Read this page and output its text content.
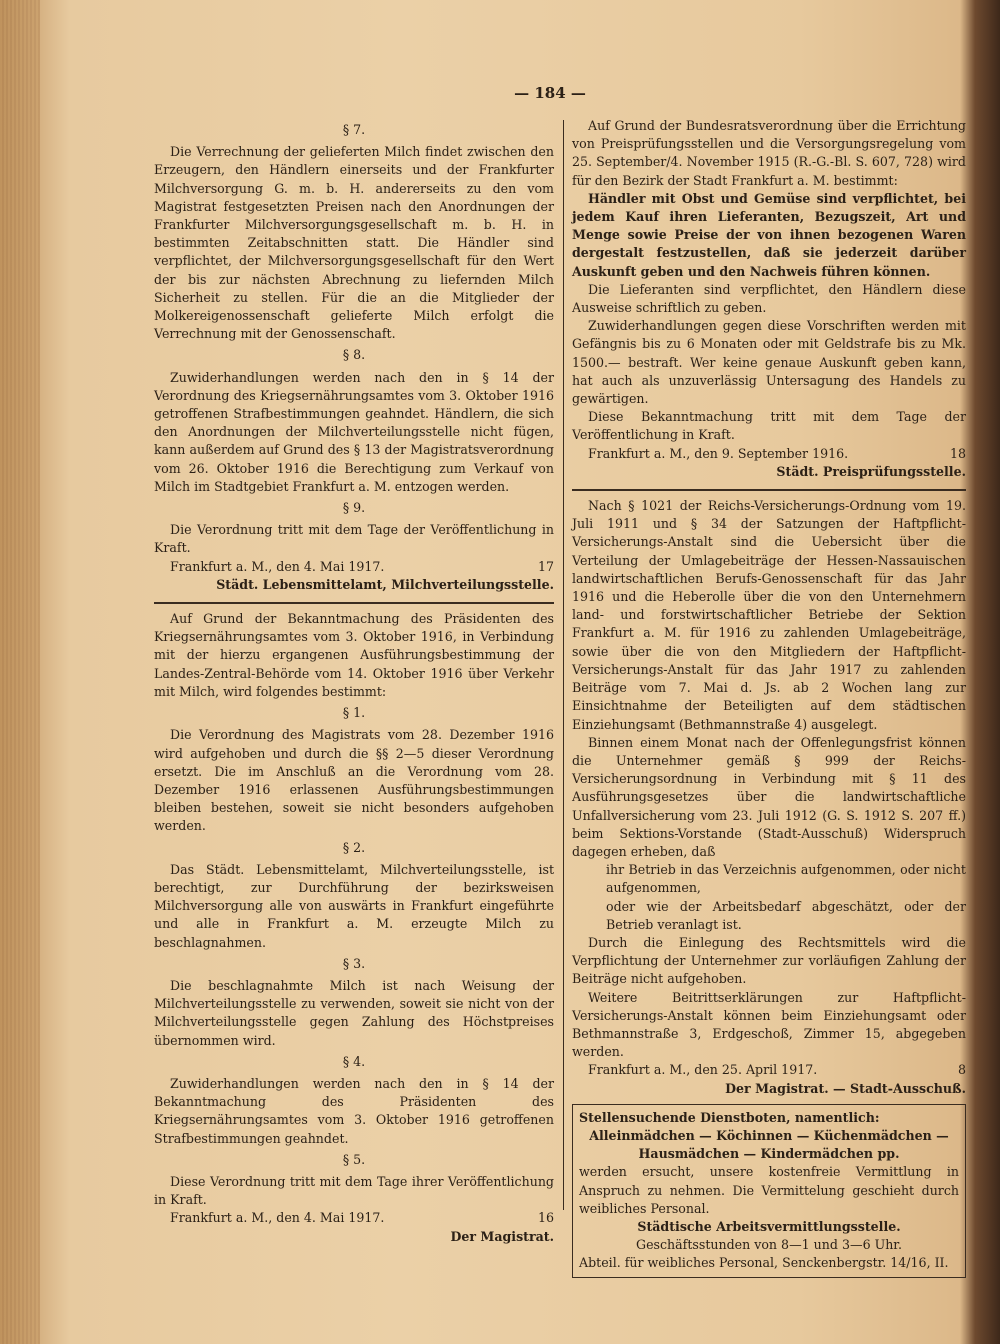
— 184 —

§ 7.

Die Verrechnung der gelieferten Milch findet zwischen den Erzeugern, den Händlern einerseits und der Frankfurter Milchversorgung G. m. b. H. andererseits zu den vom Magistrat festgesetzten Preisen nach den Anordnungen der Frankfurter Milchversorgungsgesellschaft m. b. H. in bestimmten Zeitabschnitten statt. Die Händler sind verpflichtet, der Milchversorgungsgesellschaft für den Wert der bis zur nächsten Abrechnung zu liefernden Milch Sicherheit zu stellen. Für die an die Mitglieder der Molkereigenossenschaft gelieferte Milch erfolgt die Verrechnung mit der Genossenschaft.

§ 8.

Zuwiderhandlungen werden nach den in § 14 der Verordnung des Kriegsernährungsamtes vom 3. Oktober 1916 getroffenen Strafbestimmungen geahndet. Händlern, die sich den Anordnungen der Milchverteilungsstelle nicht fügen, kann außerdem auf Grund des § 13 der Magistratsverordnung vom 26. Oktober 1916 die Berechtigung zum Verkauf von Milch im Stadtgebiet Frankfurt a. M. entzogen werden.

§ 9.

Die Verordnung tritt mit dem Tage der Veröffentlichung in Kraft.

Frankfurt a. M., den 4. Mai 1917.	17

Städt. Lebensmittelamt, Milchverteilungsstelle.

Auf Grund der Bekanntmachung des Präsidenten des Kriegsernährungsamtes vom 3. Oktober 1916, in Verbindung mit der hierzu ergangenen Ausführungsbestimmung der Landes-Zentral-Behörde vom 14. Oktober 1916 über Verkehr mit Milch, wird folgendes bestimmt:

§ 1.

Die Verordnung des Magistrats vom 28. Dezember 1916 wird aufgehoben und durch die §§ 2—5 dieser Verordnung ersetzt. Die im Anschluß an die Verordnung vom 28. Dezember 1916 erlassenen Ausführungsbestimmungen bleiben bestehen, soweit sie nicht besonders aufgehoben werden.

§ 2.

Das Städt. Lebensmittelamt, Milchverteilungsstelle, ist berechtigt, zur Durchführung der bezirksweisen Milchversorgung alle von auswärts in Frankfurt eingeführte und alle in Frankfurt a. M. erzeugte Milch zu beschlagnahmen.

§ 3.

Die beschlagnahmte Milch ist nach Weisung der Milchverteilungsstelle zu verwenden, soweit sie nicht von der Milchverteilungsstelle gegen Zahlung des Höchstpreises übernommen wird.

§ 4.

Zuwiderhandlungen werden nach den in § 14 der Bekanntmachung des Präsidenten des Kriegsernährungsamtes vom 3. Oktober 1916 getroffenen Strafbestimmungen geahndet.

§ 5.

Diese Verordnung tritt mit dem Tage ihrer Veröffentlichung in Kraft.

Frankfurt a. M., den 4. Mai 1917.	16

Der Magistrat.

Auf Grund der Bundesratsverordnung über die Errichtung von Preisprüfungsstellen und die Versorgungsregelung vom 25. September/4. November 1915 (R.-G.-Bl. S. 607, 728) wird für den Bezirk der Stadt Frankfurt a. M. bestimmt:

Händler mit Obst und Gemüse sind verpflichtet, bei jedem Kauf ihren Lieferanten, Bezugszeit, Art und Menge sowie Preise der von ihnen bezogenen Waren dergestalt festzustellen, daß sie jederzeit darüber Auskunft geben und den Nachweis führen können.

Die Lieferanten sind verpflichtet, den Händlern diese Ausweise schriftlich zu geben.

Zuwiderhandlungen gegen diese Vorschriften werden mit Gefängnis bis zu 6 Monaten oder mit Geldstrafe bis zu Mk. 1500.— bestraft. Wer keine genaue Auskunft geben kann, hat auch als unzuverlässig Untersagung des Handels zu gewärtigen.

Diese Bekanntmachung tritt mit dem Tage der Veröffentlichung in Kraft.

Frankfurt a. M., den 9. September 1916.	18

Städt. Preisprüfungsstelle.

Nach § 1021 der Reichs-Versicherungs-Ordnung vom 19. Juli 1911 und § 34 der Satzungen der Haftpflicht-Versicherungs-Anstalt sind die Uebersicht über die Verteilung der Umlagebeiträge der Hessen-Nassauischen landwirtschaftlichen Berufs-Genossenschaft für das Jahr 1916 und die Heberolle über die von den Unternehmern land- und forstwirtschaftlicher Betriebe der Sektion Frankfurt a. M. für 1916 zu zahlenden Umlagebeiträge, sowie über die von den Mitgliedern der Haftpflicht-Versicherungs-Anstalt für das Jahr 1917 zu zahlenden Beiträge vom 7. Mai d. Js. ab 2 Wochen lang zur Einsichtnahme der Beteiligten auf dem städtischen Einziehungsamt (Bethmannstraße 4) ausgelegt.

Binnen einem Monat nach der Offenlegungsfrist können die Unternehmer gemäß § 999 der Reichs-Versicherungsordnung in Verbindung mit § 11 des Ausführungsgesetzes über die landwirtschaftliche Unfallversicherung vom 23. Juli 1912 (G. S. 1912 S. 207 ff.) beim Sektions-Vorstande (Stadt-Ausschuß) Widerspruch dagegen erheben, daß

ihr Betrieb in das Verzeichnis aufgenommen, oder nicht aufgenommen,

oder wie der Arbeitsbedarf abgeschätzt, oder der Betrieb veranlagt ist.

Durch die Einlegung des Rechtsmittels wird die Verpflichtung der Unternehmer zur vorläufigen Zahlung der Beiträge nicht aufgehoben.

Weitere Beitrittserklärungen zur Haftpflicht-Versicherungs-Anstalt können beim Einziehungsamt oder Bethmannstraße 3, Erdgeschoß, Zimmer 15, abgegeben werden.

Frankfurt a. M., den 25. April 1917.	8

Der Magistrat. — Stadt-Ausschuß.

Stellensuchende Dienstboten, namentlich:

Alleinmädchen — Köchinnen — Küchenmädchen — Hausmädchen — Kindermädchen pp.

werden ersucht, unsere kostenfreie Vermittlung in Anspruch zu nehmen. Die Vermittelung geschieht durch weibliches Personal.

Städtische Arbeitsvermittlungsstelle.

Geschäftsstunden von 8—1 und 3—6 Uhr.

Abteil. für weibliches Personal, Senckenbergstr. 14/16, II.
